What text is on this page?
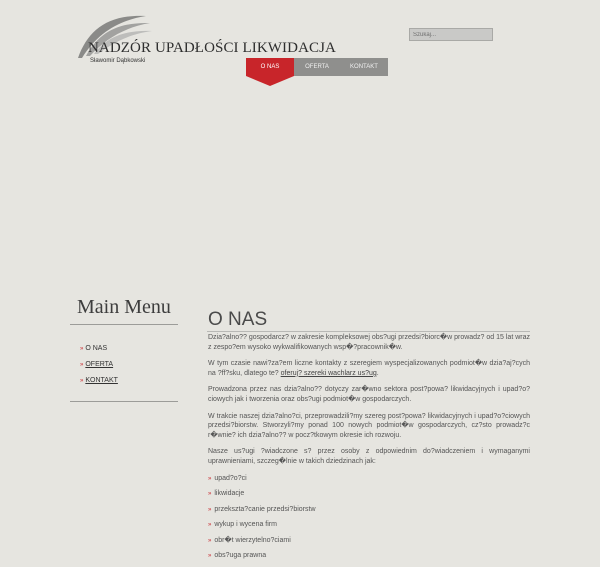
NADZÓR UPADŁOŚCI LIKWIDACJA
Sławomir Dąbkowski
Szukaj...
O NAS	OFERTA	KONTAKT
Main Menu
» O NAS
» OFERTA
» KONTAKT
O NAS

Dzia?alno?? gospodarcz? w zakresie kompleksowej obs?ugi przedsi?biorc�w prowadz? od 15 lat wraz z zespo?em wysoko wykwalifikowanych wsp�?pracownik�w.

W tym czasie nawi?za?em liczne kontakty z szeregiem wyspecjalizowanych podmiot�w dzia?aj?cych na ?ff?sku, dlatego te? oferuj? szereki wachlarz us?ug.

Prowadzona przez nas dzia?alno?? dotyczy zar�wno sektora post?powa? likwidacyjnych i upad?o?ciowych jak i tworzenia oraz obs?ugi podmiot�w gospodarczych.

W trakcie naszej dzia?alno?ci, przeprowadzili?my szereg post?powa? likwidacyjnych i upad?o?ciowych przedsi?biorstw. Stworzyli?my ponad 100 nowych podmiot�w gospodarczych, cz?sto prowadz?c r�wnie? ich dzia?alno?? w pocz?tkowym okresie ich rozwoju.

Nasze us?ugi ?wiadczone s? przez osoby z odpowiednim do?wiadczeniem i wymaganymi uprawnieniami, szczeg�lnie w takich dziedzinach jak:

» upad?o?ci
» likwidacje
» przekszta?canie przedsi?biorstw
» wykup i wycena firm
» obr�t wierzytelno?ciami
» obs?uga prawna
